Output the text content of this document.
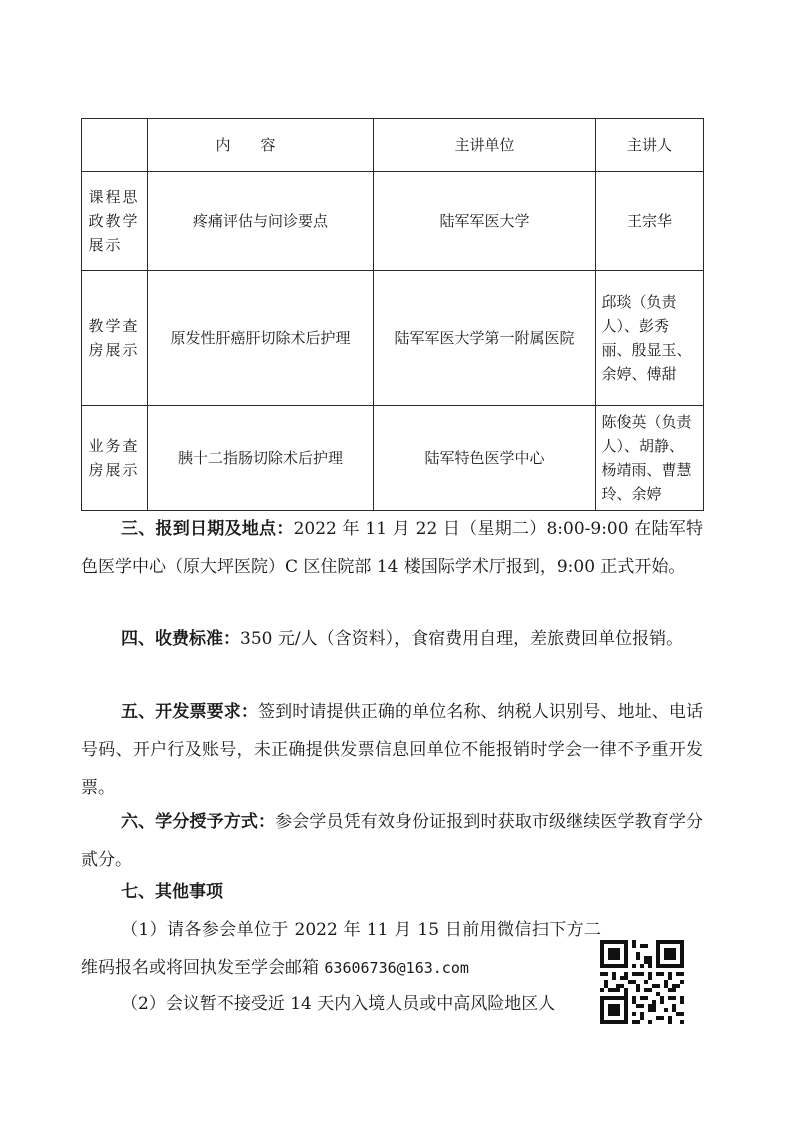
	内容	主讲单位	主讲人
课程思政教学展示	疼痛评估与问诊要点	陆军军医大学	王宗华
教学查房展示	原发性肝癌肝切除术后护理	陆军军医大学第一附属医院	邱琰（负责人）、彭秀丽、殷显玉、余婷、傅甜
业务查房展示	胰十二指肠切除术后护理	陆军特色医学中心	陈俊英（负责人）、胡静、杨靖雨、曹慧玲、余婷
三、报到日期及地点：2022 年 11 月 22 日（星期二）8:00-9:00 在陆军特色医学中心（原大坪医院）C 区住院部 14 楼国际学术厅报到，9:00 正式开始。
四、收费标准：350 元/人（含资料），食宿费用自理，差旅费回单位报销。
五、开发票要求：签到时请提供正确的单位名称、纳税人识别号、地址、电话号码、开户行及账号，未正确提供发票信息回单位不能报销时学会一律不予重开发票。
六、学分授予方式：参会学员凭有效身份证报到时获取市级继续医学教育学分贰分。
七、其他事项
（1）请各参会单位于 2022 年 11 月 15 日前用微信扫下方二维码报名或将回执发至学会邮箱 63606736@163.com
（2）会议暂不接受近 14 天内入境人员或中高风险地区人
